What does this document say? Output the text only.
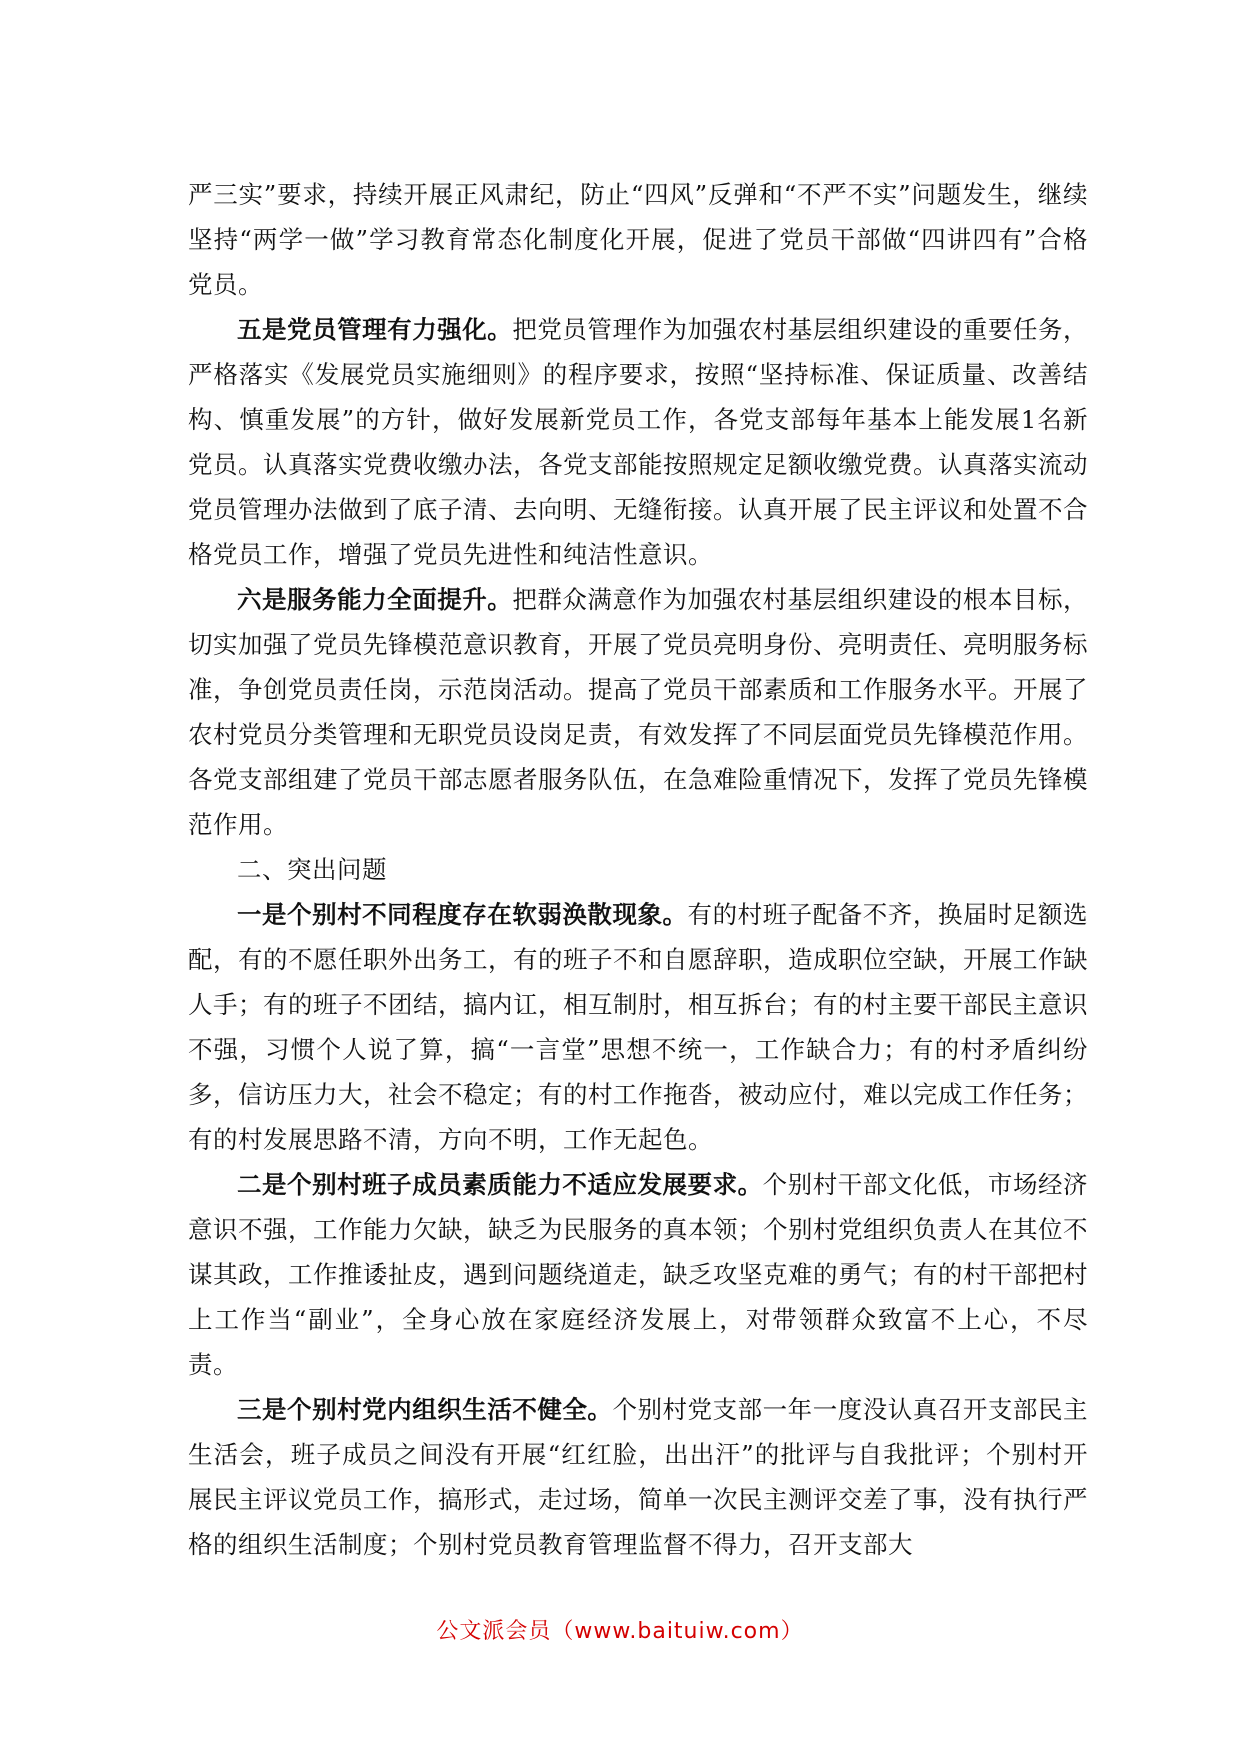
严三实”要求，持续开展正风肃纪，防止“四风”反弹和“不严不实”问题发生，继续坚持“两学一做”学习教育常态化制度化开展，促进了党员干部做“四讲四有”合格党员。

五是党员管理有力强化。把党员管理作为加强农村基层组织建设的重要任务，严格落实《发展党员实施细则》的程序要求，按照“坚持标准、保证质量、改善结构、慎重发展”的方针，做好发展新党员工作，各党支部每年基本上能发展1名新党员。认真落实党费收缴办法，各党支部能按照规定足额收缴党费。认真落实流动党员管理办法做到了底子清、去向明、无缝衔接。认真开展了民主评议和处置不合格党员工作，增强了党员先进性和纯洁性意识。

六是服务能力全面提升。把群众满意作为加强农村基层组织建设的根本目标，切实加强了党员先锋模范意识教育，开展了党员亮明身份、亮明责任、亮明服务标准，争创党员责任岗，示范岗活动。提高了党员干部素质和工作服务水平。开展了农村党员分类管理和无职党员设岗足责，有效发挥了不同层面党员先锋模范作用。各党支部组建了党员干部志愿者服务队伍，在急难险重情况下，发挥了党员先锋模范作用。

二、突出问题

一是个别村不同程度存在软弱涣散现象。有的村班子配备不齐，换届时足额选配，有的不愿任职外出务工，有的班子不和自愿辞职，造成职位空缺，开展工作缺人手；有的班子不团结，搞内讧，相互制肘，相互拆台；有的村主要干部民主意识不强，习惯个人说了算，搞“一言堂”思想不统一，工作缺合力；有的村矛盾纠纷多，信访压力大，社会不稳定；有的村工作拖沓，被动应付，难以完成工作任务；有的村发展思路不清，方向不明，工作无起色。

二是个别村班子成员素质能力不适应发展要求。个别村干部文化低，市场经济意识不强，工作能力欠缺，缺乏为民服务的真本领；个别村党组织负责人在其位不谋其政，工作推诿扯皮，遇到问题绕道走，缺乏攻坚克难的勇气；有的村干部把村上工作当“副业”，全身心放在家庭经济发展上，对带领群众致富不上心，不尽责。

三是个别村党内组织生活不健全。个别村党支部一年一度没认真召开支部民主生活会，班子成员之间没有开展“红红脸，出出汗”的批评与自我批评；个别村开展民主评议党员工作，搞形式，走过场，简单一次民主测评交差了事，没有执行严格的组织生活制度；个别村党员教育管理监督不得力，召开支部大

公文派会员（www.baituiw.com）
